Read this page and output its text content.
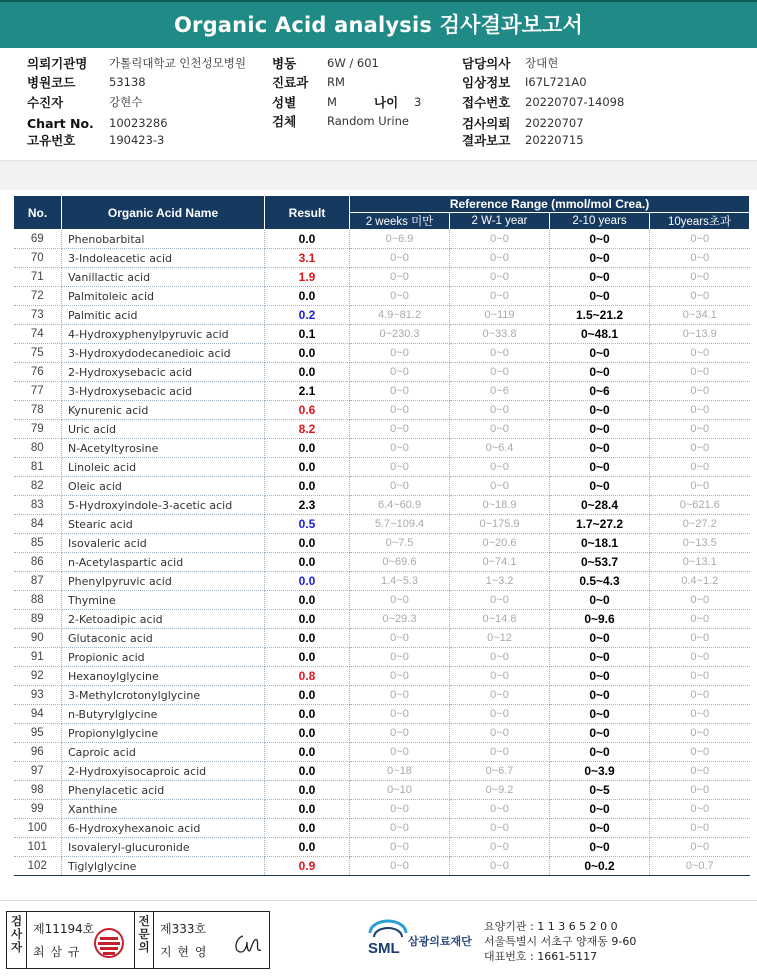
Organic Acid analysis 검사결과보고서
의뢰기관명 가톨릭대학교 인천성모병원
병원코드	53138
수진자	강현수
Chart No. 10023286
고유번호	190423-3
병동	6W / 601
진료과 RM
성별	M	나이 3
검체	Random Urine
담당의사 장대현
임상정보 I67L721A0
접수번호 20220707-14098
검사의뢰 20220707
결과보고 20220715
No.	Organic Acid Name	Result	Reference Range (mmol/mol Crea.)			
			2 weeks 미만	2 W-1 year	2-10 years	10years초과
69	Phenobarbital	0.0	0~6.9	0~0	0~0	0~0
70	3-Indoleacetic acid	3.1	0~0	0~0	0~0	0~0
71	Vanillactic acid	1.9	0~0	0~0	0~0	0~0
72	Palmitoleic acid	0.0	0~0	0~0	0~0	0~0
73	Palmitic acid	0.2	4.9~81.2	0~119	1.5~21.2	0~34.1
74	4-Hydroxyphenylpyruvic acid	0.1	0~230.3	0~33.8	0~48.1	0~13.9
75	3-Hydroxydodecanedioic acid	0.0	0~0	0~0	0~0	0~0
76	2-Hydroxysebacic acid	0.0	0~0	0~0	0~0	0~0
77	3-Hydroxysebacic acid	2.1	0~0	0~6	0~6	0~0
78	Kynurenic acid	0.6	0~0	0~0	0~0	0~0
79	Uric acid	8.2	0~0	0~0	0~0	0~0
80	N-Acetyltyrosine	0.0	0~0	0~6.4	0~0	0~0
81	Linoleic acid	0.0	0~0	0~0	0~0	0~0
82	Oleic acid	0.0	0~0	0~0	0~0	0~0
83	5-Hydroxyindole-3-acetic acid	2.3	6.4~60.9	0~18.9	0~28.4	0~621.6
84	Stearic acid	0.5	5.7~109.4	0~175.9	1.7~27.2	0~27.2
85	Isovaleric acid	0.0	0~7.5	0~20.6	0~18.1	0~13.5
86	n-Acetylaspartic acid	0.0	0~69.6	0~74.1	0~53.7	0~13.1
87	Phenylpyruvic acid	0.0	1.4~5.3	1~3.2	0.5~4.3	0.4~1.2
88	Thymine	0.0	0~0	0~0	0~0	0~0
89	2-Ketoadipic acid	0.0	0~29.3	0~14.8	0~9.6	0~0
90	Glutaconic acid	0.0	0~0	0~12	0~0	0~0
91	Propionic acid	0.0	0~0	0~0	0~0	0~0
92	Hexanoylglycine	0.8	0~0	0~0	0~0	0~0
93	3-Methylcrotonylglycine	0.0	0~0	0~0	0~0	0~0
94	n-Butyrylglycine	0.0	0~0	0~0	0~0	0~0
95	Propionylglycine	0.0	0~0	0~0	0~0	0~0
96	Caproic acid	0.0	0~0	0~0	0~0	0~0
97	2-Hydroxyisocaproic acid	0.0	0~18	0~6.7	0~3.9	0~0
98	Phenylacetic acid	0.0	0~10	0~9.2	0~5	0~0
99	Xanthine	0.0	0~0	0~0	0~0	0~0
100	6-Hydroxyhexanoic acid	0.0	0~0	0~0	0~0	0~0
101	Isovaleryl-glucuronide	0.0	0~0	0~0	0~0	0~0
102	Tiglylglycine	0.9	0~0	0~0	0~0.2	0~0.7
검사자
제11194호
최 삼 규
전문의
제333호
지 현 영	SML 삼광의료재단
요양기관 : 1 1 3 6 5 2 0 0
서울특별시 서초구 양재동 9-60
대표번호 : 1661-5117
